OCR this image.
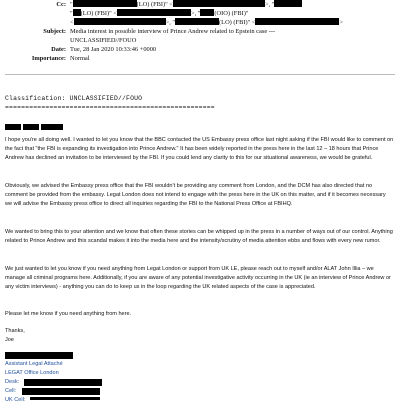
Cc: "	(LO) (FBI)" <	>, "
" (LO) (FBI)" <	>, " (OIO) (FBI)"
<	>, "	(LO) (FBI)" <	>
Subject: Media interest in possible interview of Prince Andrew related to Epstein case ---
UNCLASSIFIED//FOUO
Date: Tue, 28 Jan 2020 10:33:46 +0000
Importance: Normal
Classification: UNCLASSIFIED//FOUO
====================================================

I hope you're all doing well. I wanted to let you know that the BBC contacted the US Embassy press office last night asking if the FBI would like to comment on the fact that "the FBI is expanding its investigation into Prince Andrew." It has been widely reported in the press here in the last 12 – 18 hours that Prince Andrew has declined an invitation to be interviewed by the FBI. If you could lend any clarity to this for our situational awareness, we would be grateful.

Obviously, we advised the Embassy press office that the FBI wouldn't be providing any comment from London, and the DCM has also directed that no comment be provided from the embassy. Legat London does not intend to engage with the press here in the UK on this matter, and if it becomes necessary we will advise the Embassy press office to direct all inquiries regarding the FBI to the National Press Office at FBIHQ.

We wanted to bring this to your attention and we know that often these stories can be whipped up in the press in a number of ways out of our control. Anything related to Prince Andrew and this scandal makes it into the media here and the intensity/scrutiny of media attention ebbs and flows with every new rumor.

We just wanted to let you know if you need anything from Legat London or support from UK LE, please reach out to myself and/or ALAT John Illia – we manage all criminal programs here. Additionally, if you are aware of any potential investigative activity occurring in the UK (ie an interview of Prince Andrew or any victim interviews) - anything you can do to keep us in the loop regarding the UK related aspects of the case is appreciated.

Please let me know if you need anything from here.

Thanks,
Joe
Assistant Legal Attaché
LEGAT Office London
Desk:
Cell:
UK Cell:
